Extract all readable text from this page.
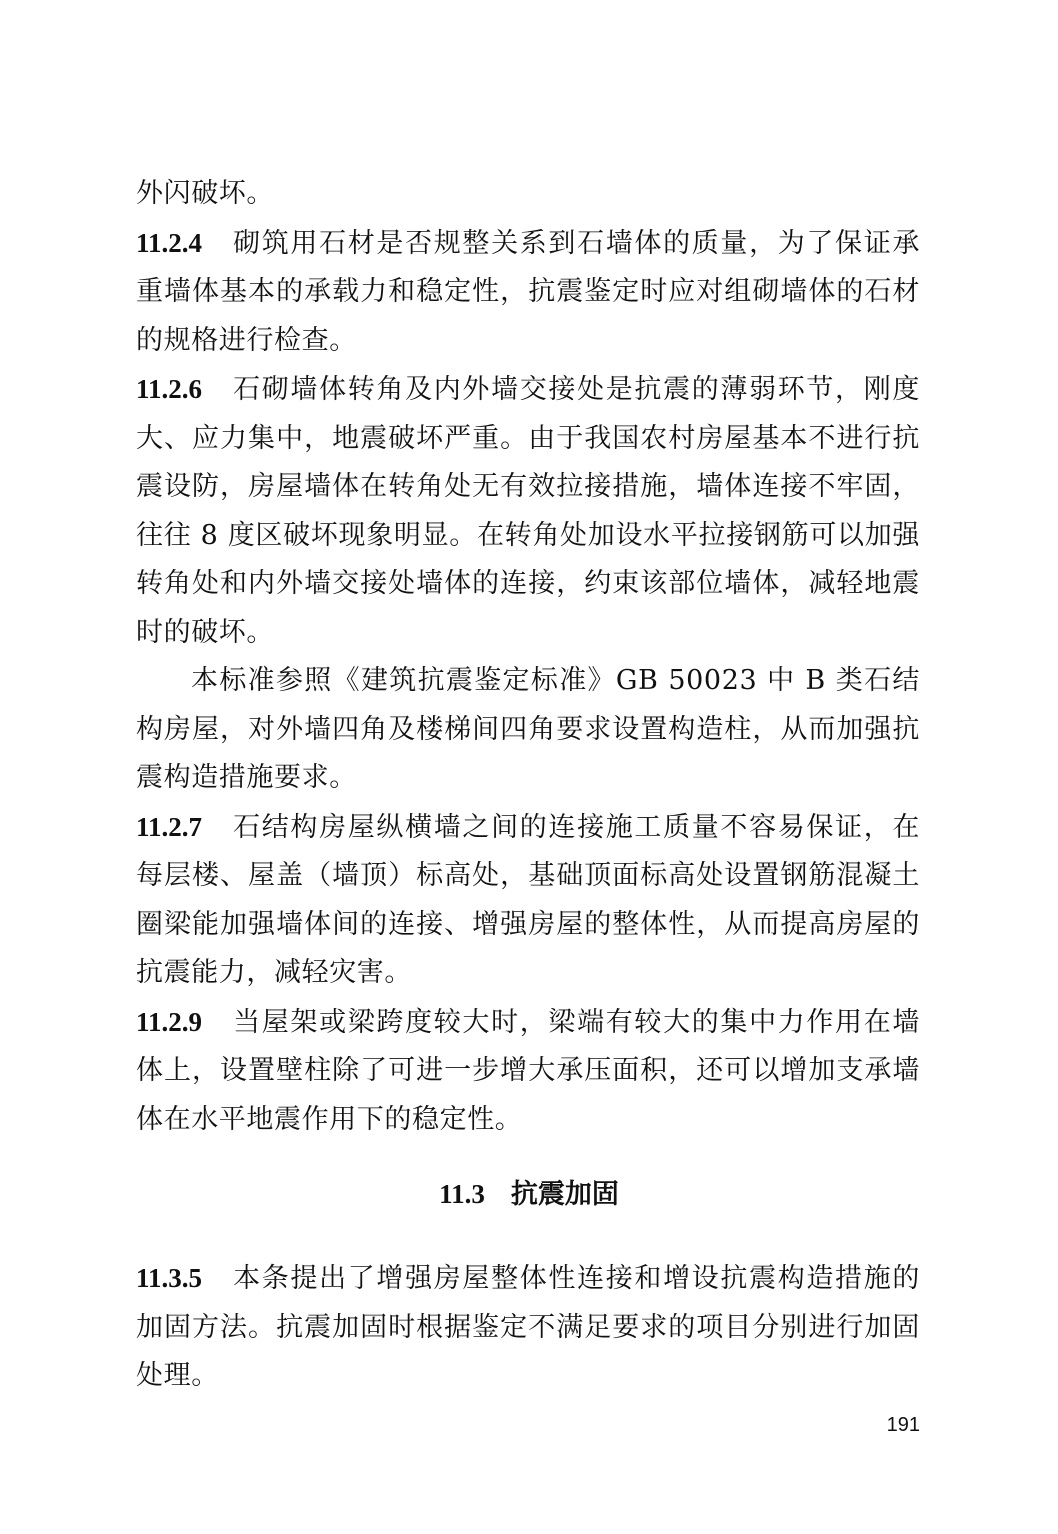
外闪破坏。

11.2.4 砌筑用石材是否规整关系到石墙体的质量，为了保证承重墙体基本的承载力和稳定性，抗震鉴定时应对组砌墙体的石材的规格进行检查。

11.2.6 石砌墙体转角及内外墙交接处是抗震的薄弱环节，刚度大、应力集中，地震破坏严重。由于我国农村房屋基本不进行抗震设防，房屋墙体在转角处无有效拉接措施，墙体连接不牢固，往往 8 度区破坏现象明显。在转角处加设水平拉接钢筋可以加强转角处和内外墙交接处墙体的连接，约束该部位墙体，减轻地震时的破坏。

本标准参照《建筑抗震鉴定标准》GB 50023 中 B 类石结构房屋，对外墙四角及楼梯间四角要求设置构造柱，从而加强抗震构造措施要求。

11.2.7 石结构房屋纵横墙之间的连接施工质量不容易保证，在每层楼、屋盖（墙顶）标高处，基础顶面标高处设置钢筋混凝土圈梁能加强墙体间的连接、增强房屋的整体性，从而提高房屋的抗震能力，减轻灾害。

11.2.9 当屋架或梁跨度较大时，梁端有较大的集中力作用在墙体上，设置壁柱除了可进一步增大承压面积，还可以增加支承墙体在水平地震作用下的稳定性。

11.3 抗震加固

11.3.5 本条提出了增强房屋整体性连接和增设抗震构造措施的加固方法。抗震加固时根据鉴定不满足要求的项目分别进行加固处理。

191
